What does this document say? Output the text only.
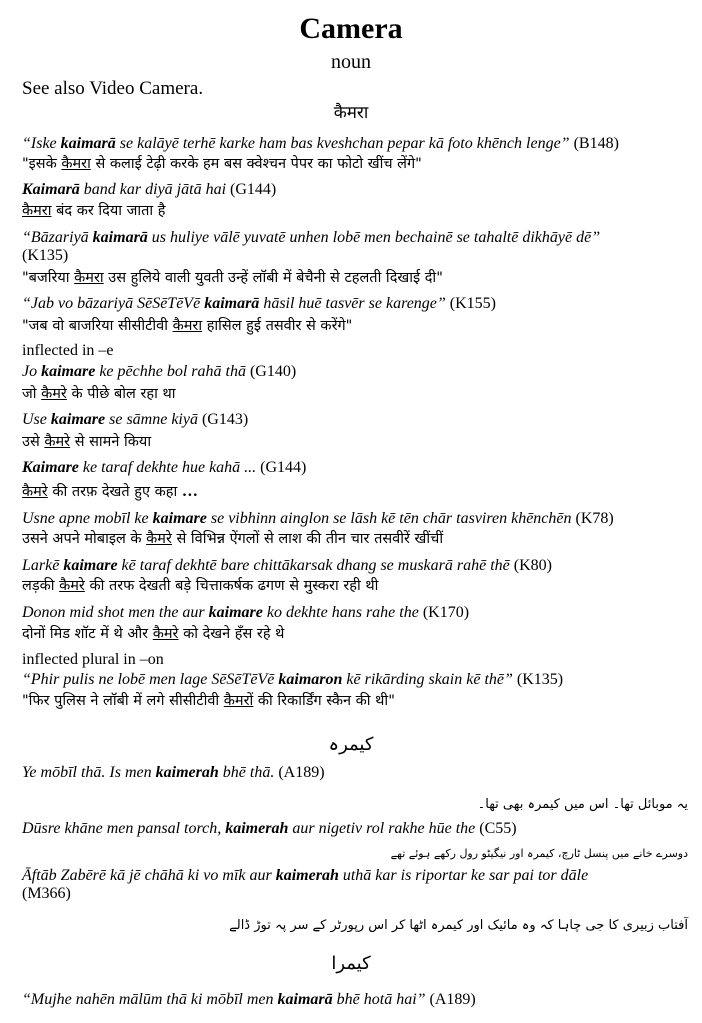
Camera
noun
See also Video Camera.
कैमरा
“Iske kaimarā se kalāyē terhē karke ham bas kveshchan pepar kā foto khēnch lenge” (B148)
"इसके कैमरा से कलाई टेढ़ी करके हम बस क्वेश्चन पेपर का फोटो खींच लेंगे"
Kaimarā band kar diyā jātā hai (G144)
कैमरा बंद कर दिया जाता है
“Bāzariyā kaimarā us huliye vālē yuvatē unhen lobē men bechainē se tahaltē dikhāyē dē”
(K135)
"बजरिया कैमरा उस हुलिये वाली युवती उन्हें लॉबी में बेचैनी से टहलती दिखाई दी"
“Jab vo bāzariyā SēSēTēVē kaimarā hāsil huē tasvēr se karenge” (K155)
"जब वो बाजरिया सीसीटीवी कैमरा हासिल हुई तसवीर से करेंगे"
inflected in –e
Jo kaimare ke pēchhe bol rahā thā (G140)
जो कैमरे के पीछे बोल रहा था
Use kaimare se sāmne kiyā (G143)
उसे कैमरे से सामने किया
Kaimare ke taraf dekhte hue kahā ... (G144)
कैमरे की तरफ़ देखते हुए कहा …
Usne apne mobīl ke kaimare se vibhinn ainglon se lāsh kē tēn chār tasviren khēnchēn (K78)
उसने अपने मोबाइल के कैमरे से विभिन्न ऐंगलों से लाश की तीन चार तसवीरें खींचीं
Larkē kaimare kē taraf dekhtē bare chittākarsak dhang se muskarā rahē thē (K80)
लड़की कैमरे की तरफ देखती बड़े चित्ताकर्षक ढगण से मुस्करा रही थी
Donon mid shot men the aur kaimare ko dekhte hans rahe the (K170)
दोनों मिड शॉट में थे और कैमरे को देखने हँस रहे थे
inflected plural in –on
“Phir pulis ne lobē men lage SēSēTēVē kaimaron kē rikārding skain kē thē” (K135)
"फिर पुलिस ने लॉबी में लगे सीसीटीवी कैमरों की रिकार्डिंग स्कैन की थी"
کیمرہ
Ye mōbīl thā. Is men kaimerah bhē thā. (A189)
یہ موبائل تھا۔ اس میں کیمرہ بھی تھا۔
Dūsre khāne men pansal torch, kaimerah aur nigetiv rol rakhe hūe the (C55)
دوسرے خانے میں پنسل ٹارچ، کیمرہ اور نیگیٹو رول رکھے ہوئے تھے
Āftāb Zabērē kā jē chāhā ki vo mīk aur kaimerah uthā kar is riportar ke sar pai tor dāle
(M366)
آفتاب زبیری کا جی چاہا کہ وہ مائیک اور کیمرہ اٹھا کر اس رپورٹر کے سر پہ توڑ ڈالے
کیمرا
“Mujhe nahēn mālūm thā ki mōbīl men kaimarā bhē hotā hai” (A189)
